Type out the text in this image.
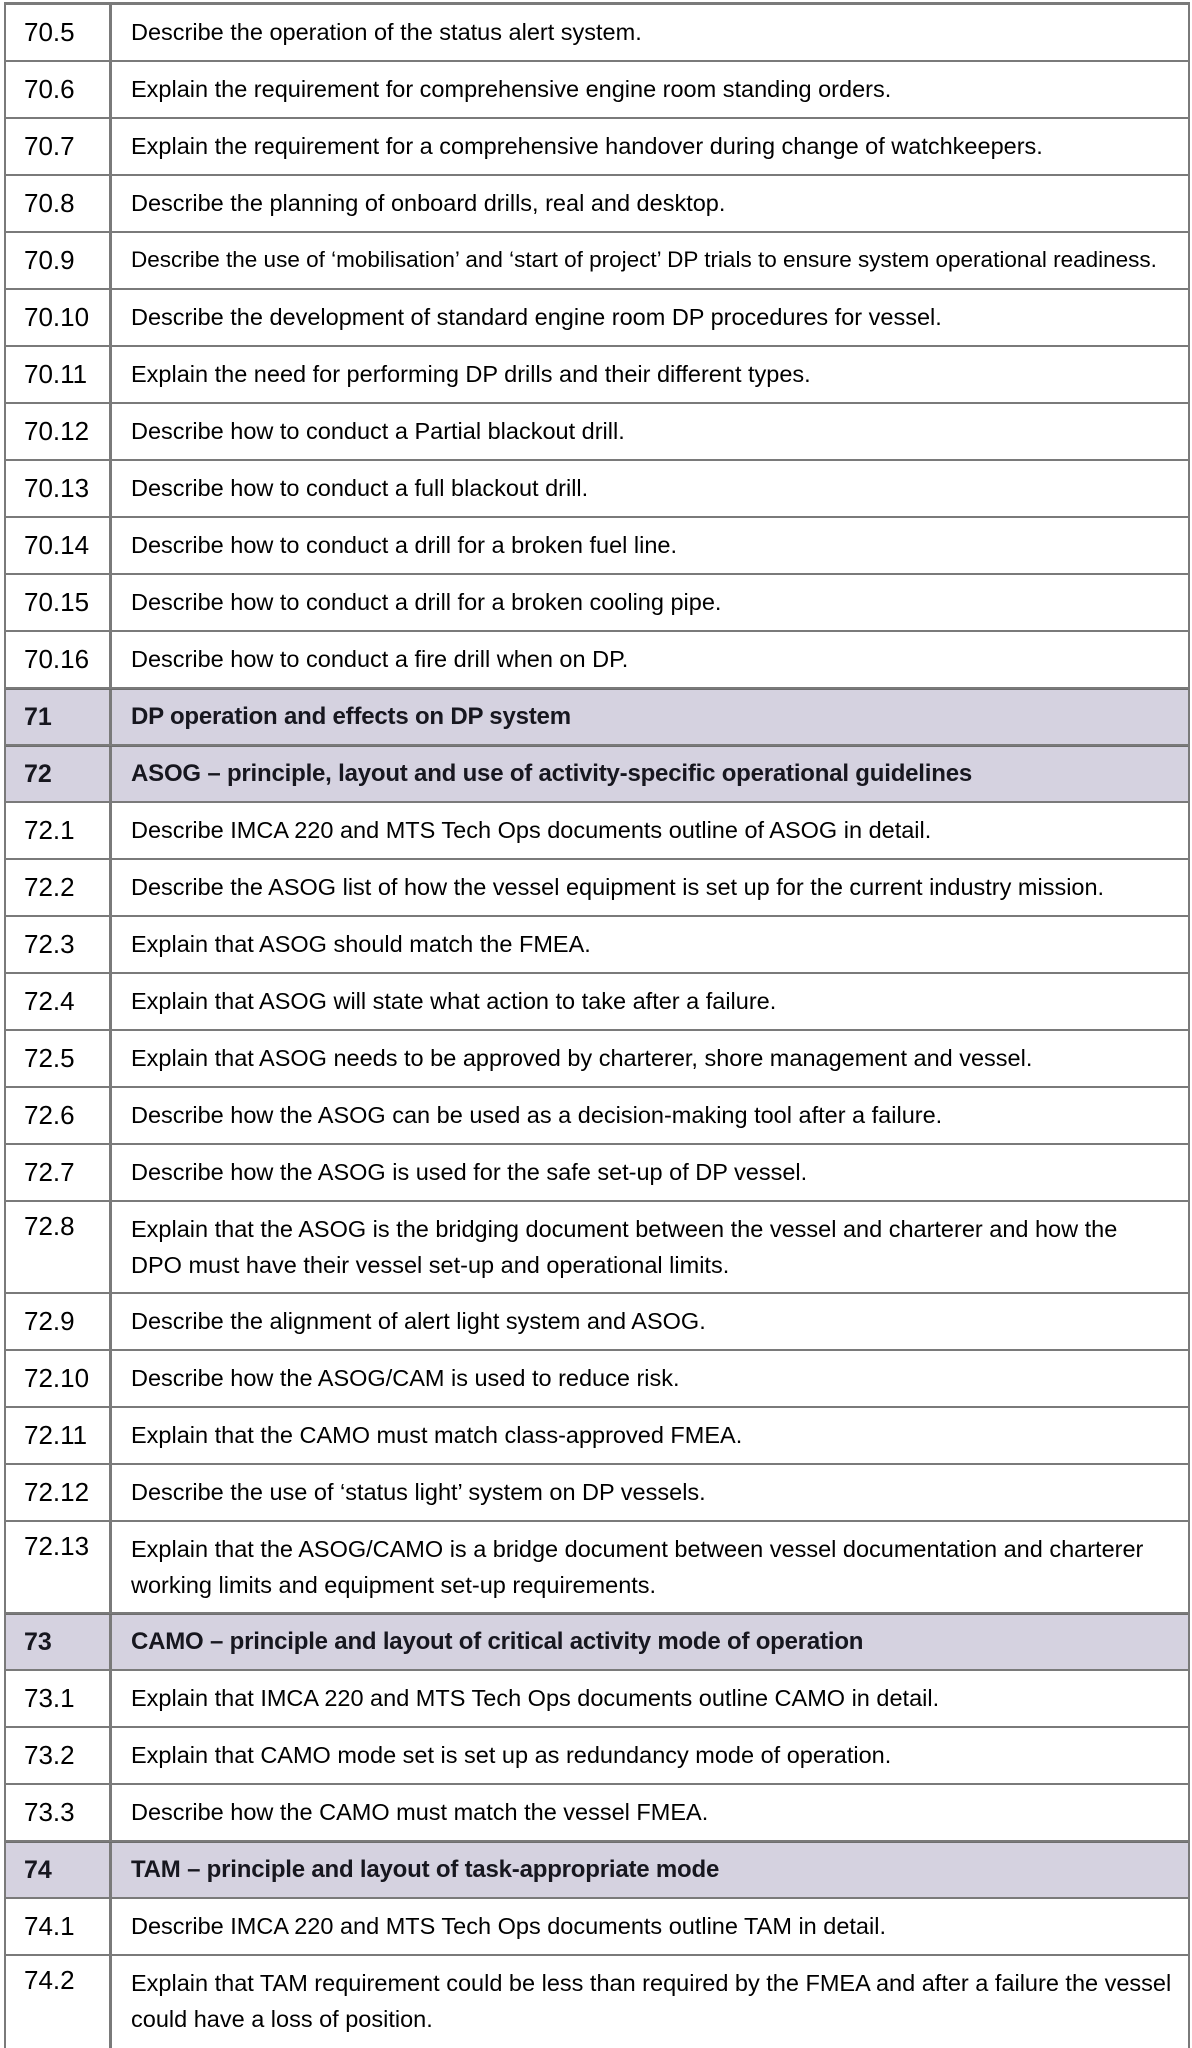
70.5	Describe the operation of the status alert system.
70.6	Explain the requirement for comprehensive engine room standing orders.
70.7	Explain the requirement for a comprehensive handover during change of watchkeepers.
70.8	Describe the planning of onboard drills, real and desktop.
70.9	Describe the use of ‘mobilisation’ and ‘start of project’ DP trials to ensure system operational readiness.
70.10	Describe the development of standard engine room DP procedures for vessel.
70.11	Explain the need for performing DP drills and their different types.
70.12	Describe how to conduct a Partial blackout drill.
70.13	Describe how to conduct a full blackout drill.
70.14	Describe how to conduct a drill for a broken fuel line.
70.15	Describe how to conduct a drill for a broken cooling pipe.
70.16	Describe how to conduct a fire drill when on DP.
71	DP operation and effects on DP system
72	ASOG – principle, layout and use of activity-specific operational guidelines
72.1	Describe IMCA 220 and MTS Tech Ops documents outline of ASOG in detail.
72.2	Describe the ASOG list of how the vessel equipment is set up for the current industry mission.
72.3	Explain that ASOG should match the FMEA.
72.4	Explain that ASOG will state what action to take after a failure.
72.5	Explain that ASOG needs to be approved by charterer, shore management and vessel.
72.6	Describe how the ASOG can be used as a decision-making tool after a failure.
72.7	Describe how the ASOG is used for the safe set-up of DP vessel.
72.8	Explain that the ASOG is the bridging document between the vessel and charterer and how the DPO must have their vessel set-up and operational limits.
72.9	Describe the alignment of alert light system and ASOG.
72.10	Describe how the ASOG/CAM is used to reduce risk.
72.11	Explain that the CAMO must match class-approved FMEA.
72.12	Describe the use of ‘status light’ system on DP vessels.
72.13	Explain that the ASOG/CAMO is a bridge document between vessel documentation and charterer working limits and equipment set-up requirements.
73	CAMO – principle and layout of critical activity mode of operation
73.1	Explain that IMCA 220 and MTS Tech Ops documents outline CAMO in detail.
73.2	Explain that CAMO mode set is set up as redundancy mode of operation.
73.3	Describe how the CAMO must match the vessel FMEA.
74	TAM – principle and layout of task-appropriate mode
74.1	Describe IMCA 220 and MTS Tech Ops documents outline TAM in detail.
74.2	Explain that TAM requirement could be less than required by the FMEA and after a failure the vessel could have a loss of position.
